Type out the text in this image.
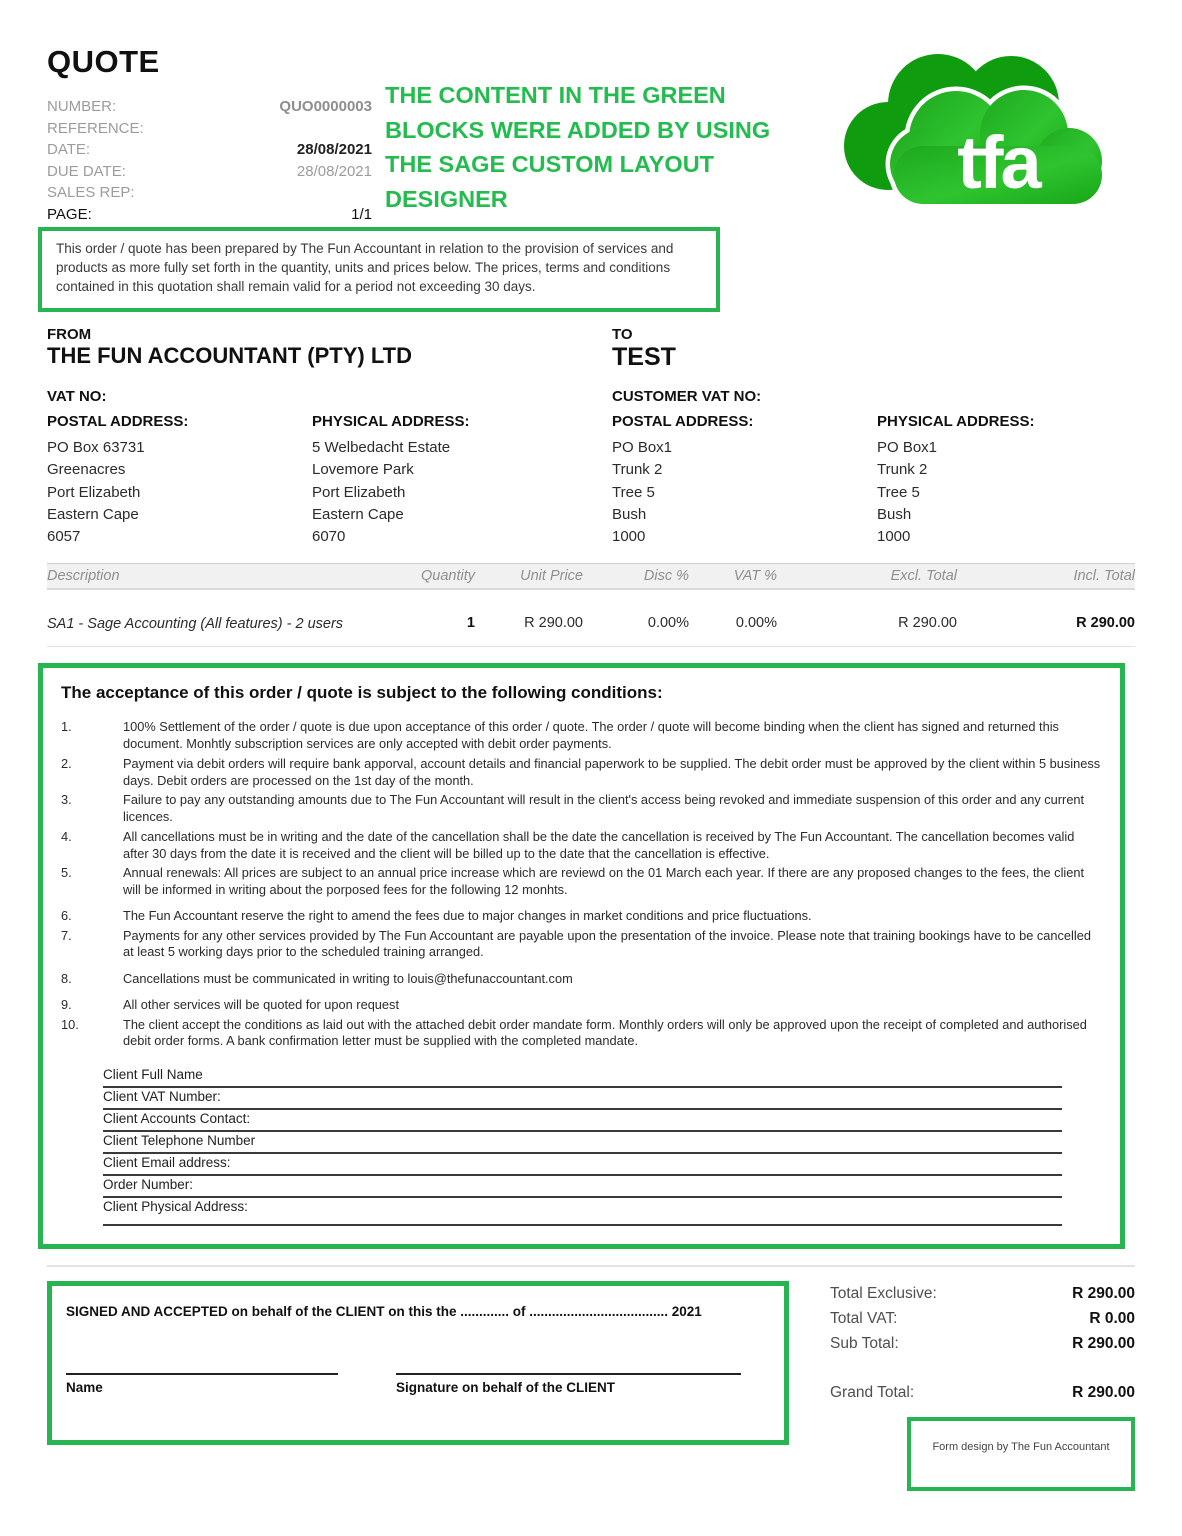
QUOTE
NUMBER:	QUO0000003
REFERENCE:
DATE:	28/08/2021
DUE DATE:	28/08/2021
SALES REP:
PAGE:	1/1
THE CONTENT IN THE GREEN BLOCKS WERE ADDED BY USING THE SAGE CUSTOM LAYOUT DESIGNER	tfa
This order / quote has been prepared by The Fun Accountant in relation to the provision of services and products as more fully set forth in the quantity, units and prices below. The prices, terms and conditions contained in this quotation shall remain valid for a period not exceeding 30 days.
FROM
THE FUN ACCOUNTANT (PTY) LTD
VAT NO:
POSTAL ADDRESS:
PO Box 63731
Greenacres
Port Elizabeth
Eastern Cape
6057
PHYSICAL ADDRESS:
5 Welbedacht Estate
Lovemore Park
Port Elizabeth
Eastern Cape
6070
TO
TEST
CUSTOMER VAT NO:
POSTAL ADDRESS:
PO Box1
Trunk 2
Tree 5
Bush
1000
PHYSICAL ADDRESS:
PO Box1
Trunk 2
Tree 5
Bush
1000
Description	Quantity	Unit Price	Disc %	VAT %	Excl. Total	Incl. Total
SA1 - Sage Accounting (All features) - 2 users	1	R 290.00	0.00%	0.00%	R 290.00	R 290.00
The acceptance of this order / quote is subject to the following conditions:
1.	100% Settlement of the order / quote is due upon acceptance of this order / quote. The order / quote will become binding when the client has signed and returned this document. Monhtly subscription services are only accepted with debit order payments.
2.	Payment via debit orders will require bank apporval, account details and financial paperwork to be supplied. The debit order must be approved by the client within 5 business days. Debit orders are processed on the 1st day of the month.
3.	Failure to pay any outstanding amounts due to The Fun Accountant will result in the client's access being revoked and immediate suspension of this order and any current licences.
4.	All cancellations must be in writing and the date of the cancellation shall be the date the cancellation is received by The Fun Accountant. The cancellation becomes valid after 30 days from the date it is received and the client will be billed up to the date that the cancellation is effective.
5.	Annual renewals: All prices are subject to an annual price increase which are reviewd on the 01 March each year. If there are any proposed changes to the fees, the client will be informed in writing about the porposed fees for the following 12 monhts.
6.	The Fun Accountant reserve the right to amend the fees due to major changes in market conditions and price fluctuations.
7.	Payments for any other services provided by The Fun Accountant are payable upon the presentation of the invoice. Please note that training bookings have to be cancelled at least 5 working days prior to the scheduled training arranged.
8.	Cancellations must be communicated in writing to louis@thefunaccountant.com
9.	All other services will be quoted for upon request
10.	The client accept the conditions as laid out with the attached debit order mandate form. Monthly orders will only be approved upon the receipt of completed and authorised debit order forms. A bank confirmation letter must be supplied with the completed mandate.
Client Full Name
Client VAT Number:
Client Accounts Contact:
Client Telephone Number
Client Email address:
Order Number:
Client Physical Address:
SIGNED AND ACCEPTED on behalf of the CLIENT on this the ............. of ..................................... 2021
Name	Signature on behalf of the CLIENT
Total Exclusive:	R 290.00
Total VAT:	R 0.00
Sub Total:	R 290.00
Grand Total:	R 290.00
Form design by The Fun Accountant
